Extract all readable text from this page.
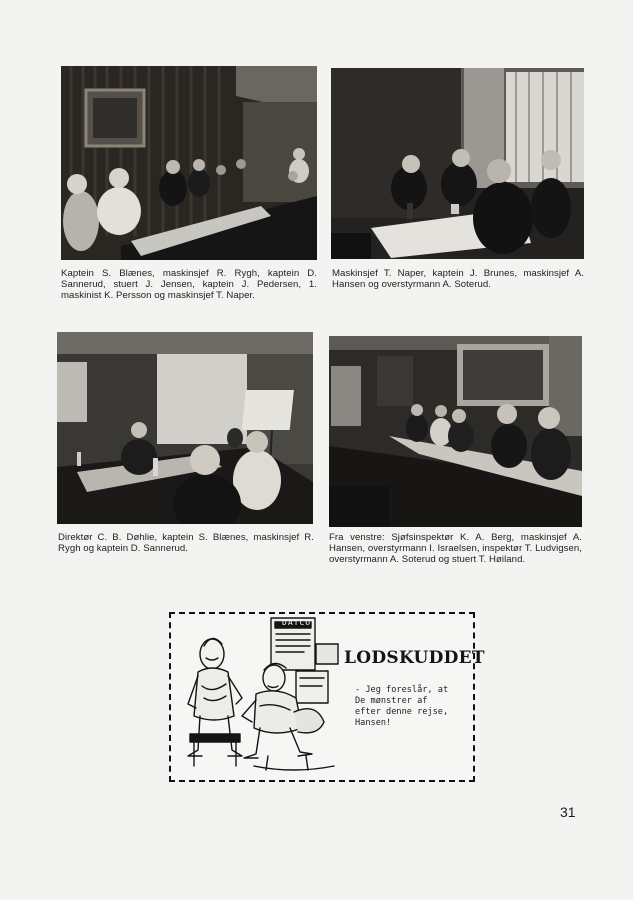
Kaptein S. Blænes, maskinsjef R. Rygh, kaptein D. Sannerud, stuert J. Jensen, kaptein J. Pedersen, 1. maskinist K. Persson og maskinsjef T. Naper.
Maskinsjef T. Naper, kaptein J. Brunes, maskinsjef A. Hansen og overstyrmann A. Soterud.
Direktør C. B. Døhlie, kaptein S. Blænes, maskinsjef R. Rygh og kaptein D. Sannerud.
Fra venstre: Sjøfsinspektør K. A. Berg, maskinsjef A. Hansen, overstyrmann I. Israelsen, inspektør T. Ludvigsen, overstyrmann A. Soterud og stuert T. Høiland.
DATCO
LODSKUDDET
- Jeg foreslår, at
De mønstrer af
efter denne rejse,
Hansen!
31
